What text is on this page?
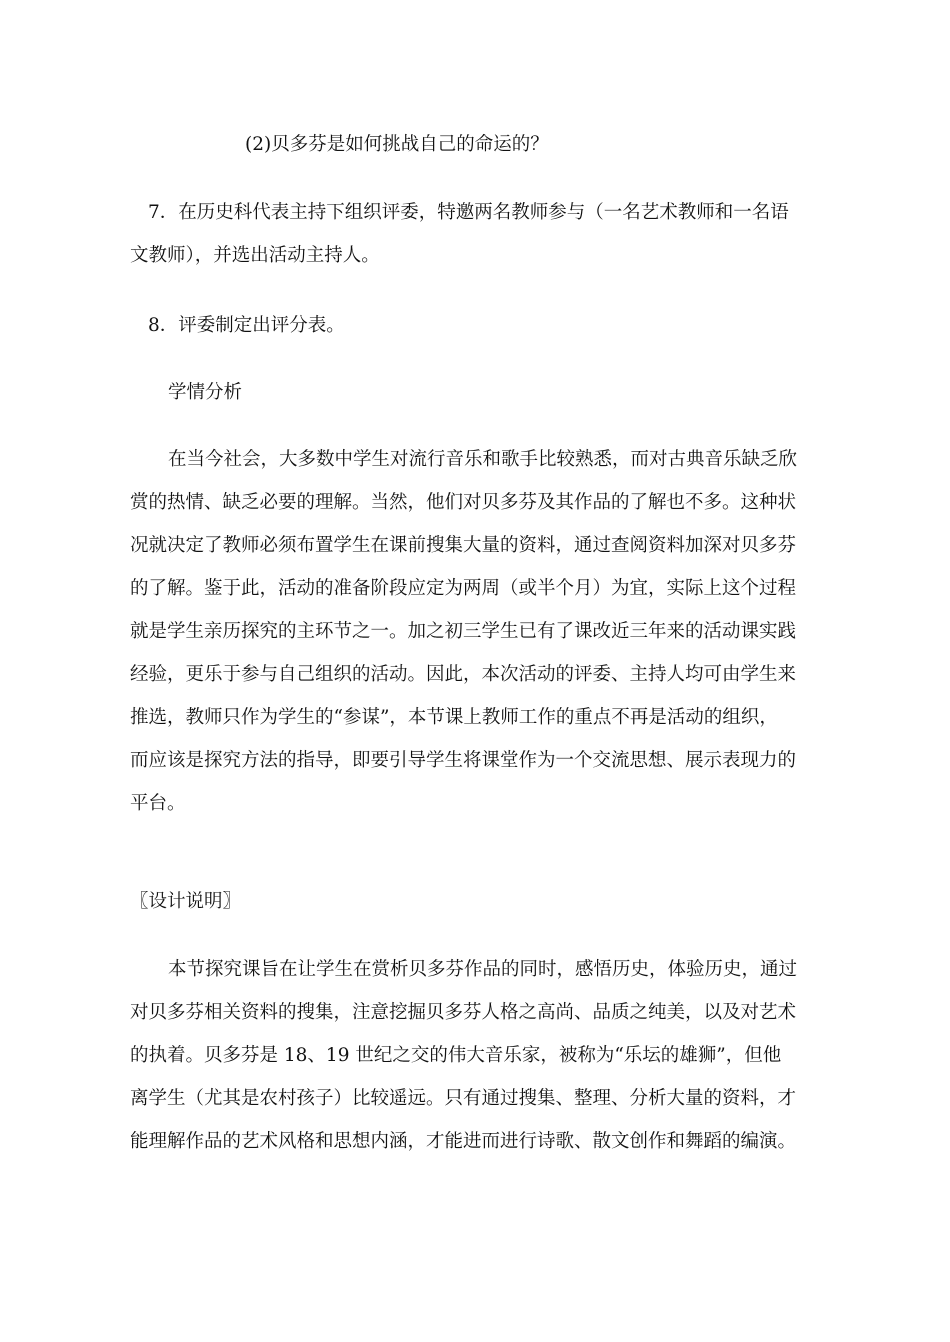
(2)贝多芬是如何挑战自己的命运的？
7．在历史科代表主持下组织评委，特邀两名教师参与（一名艺术教师和一名语
文教师），并选出活动主持人。
8．评委制定出评分表。
学情分析
在当今社会，大多数中学生对流行音乐和歌手比较熟悉，而对古典音乐缺乏欣
赏的热情、缺乏必要的理解。当然，他们对贝多芬及其作品的了解也不多。这种状
况就决定了教师必须布置学生在课前搜集大量的资料，通过查阅资料加深对贝多芬
的了解。鉴于此，活动的准备阶段应定为两周（或半个月）为宜，实际上这个过程
就是学生亲历探究的主环节之一。加之初三学生已有了课改近三年来的活动课实践
经验，更乐于参与自己组织的活动。因此，本次活动的评委、主持人均可由学生来
推选，教师只作为学生的“参谋”，本节课上教师工作的重点不再是活动的组织，
而应该是探究方法的指导，即要引导学生将课堂作为一个交流思想、展示表现力的
平台。
〖设计说明〗
本节探究课旨在让学生在赏析贝多芬作品的同时，感悟历史，体验历史，通过
对贝多芬相关资料的搜集，注意挖掘贝多芬人格之高尚、品质之纯美，以及对艺术
的执着。贝多芬是 18、19 世纪之交的伟大音乐家，被称为“乐坛的雄狮”，但他
离学生（尤其是农村孩子）比较遥远。只有通过搜集、整理、分析大量的资料，才
能理解作品的艺术风格和思想内涵，才能进而进行诗歌、散文创作和舞蹈的编演。
